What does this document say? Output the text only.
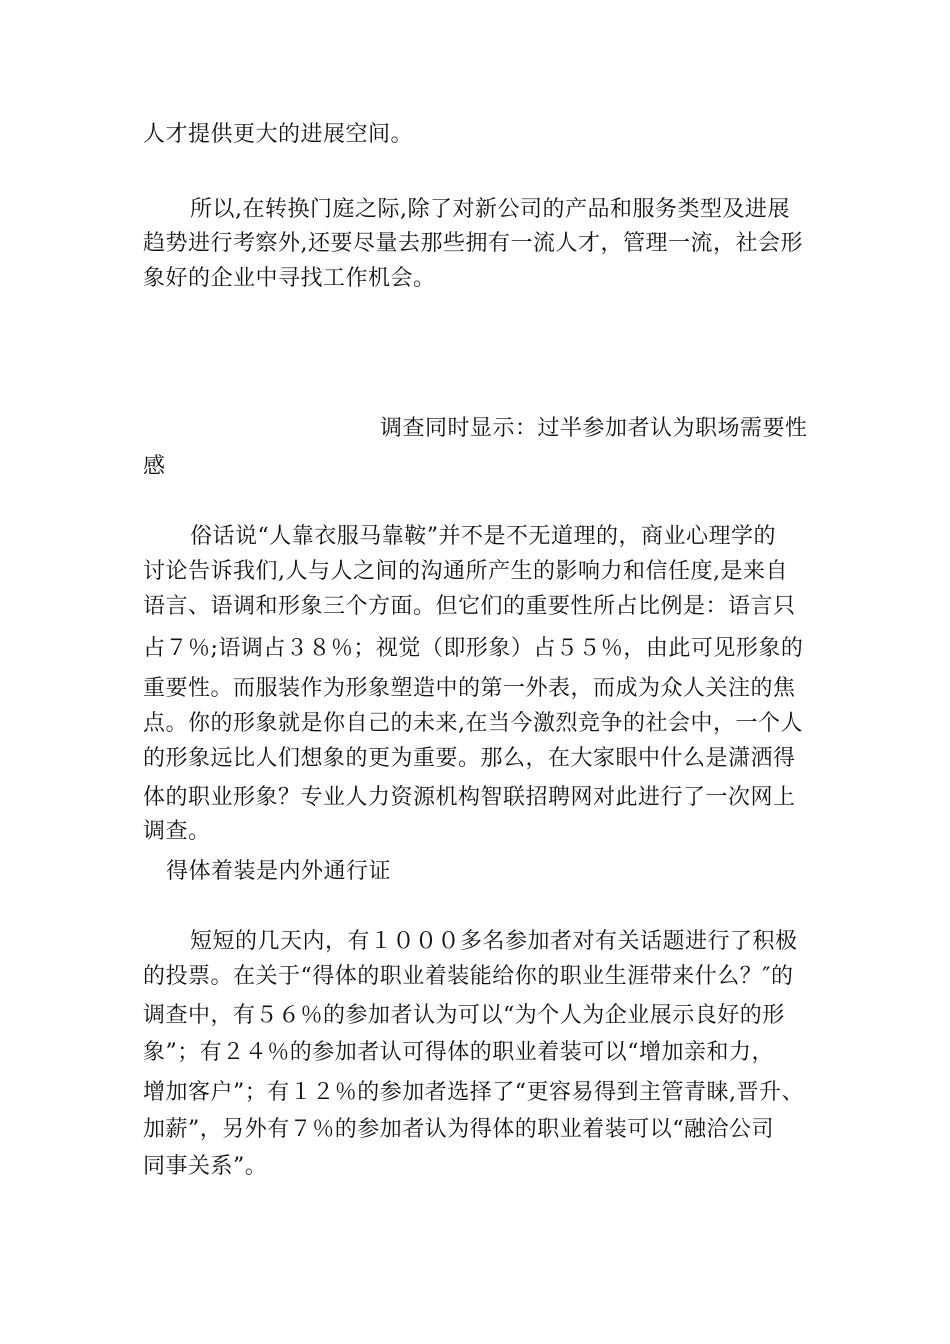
人才提供更大的进展空间。

所以,在转换门庭之际,除了对新公司的产品和服务类型及进展

趋势进行考察外,还要尽量去那些拥有一流人才，管理一流，社会形

象好的企业中寻找工作机会。

调查同时显示：过半参加者认为职场需要性

感

俗话说“人靠衣服马靠鞍”并不是不无道理的，商业心理学的

讨论告诉我们,人与人之间的沟通所产生的影响力和信任度,是来自

语言、语调和形象三个方面。但它们的重要性所占比例是：语言只

占７％;语调占３８％；视觉（即形象）占５５％，由此可见形象的

重要性。而服装作为形象塑造中的第一外表，而成为众人关注的焦

点。你的形象就是你自己的未来,在当今激烈竞争的社会中，一个人

的形象远比人们想象的更为重要。那么，在大家眼中什么是潇洒得

体的职业形象？专业人力资源机构智联招聘网对此进行了一次网上

调查。

得体着装是内外通行证

短短的几天内，有１０００多名参加者对有关话题进行了积极

的投票。在关于“得体的职业着装能给你的职业生涯带来什么？″的

调查中，有５６％的参加者认为可以“为个人为企业展示良好的形

象”；有２４％的参加者认可得体的职业着装可以“增加亲和力，

增加客户”；有１２％的参加者选择了“更容易得到主管青睐,晋升、

加薪”，另外有７％的参加者认为得体的职业着装可以“融洽公司

同事关系”。
